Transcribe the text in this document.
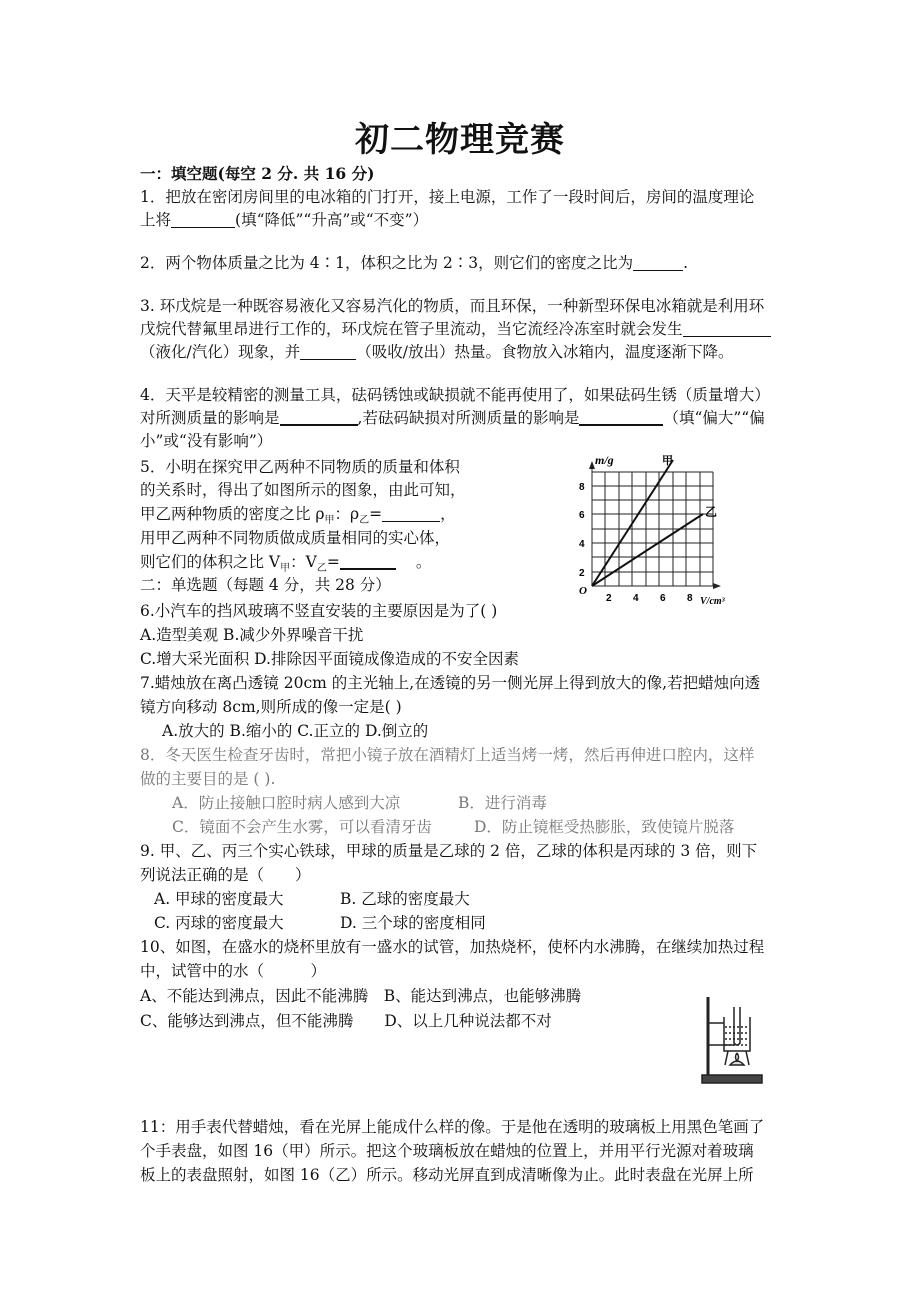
初二物理竞赛
一：填空题(每空 2 分. 共 16 分)
1．把放在密闭房间里的电冰箱的门打开，接上电源，工作了一段时间后，房间的温度理论
上将	(填“降低”“升高”或“不变”）
2．两个物体质量之比为 4∶1，体积之比为 2∶3，则它们的密度之比为	.
3. 环戊烷是一种既容易液化又容易汽化的物质，而且环保，一种新型环保电冰箱就是利用环
戊烷代替氟里昂进行工作的，环戊烷在管子里流动，当它流经冷冻室时就会发生
（液化/汽化）现象，并	（吸收/放出）热量。食物放入冰箱内，温度逐渐下降。
4．天平是较精密的测量工具，砝码锈蚀或缺损就不能再使用了，如果砝码生锈（质量增大）
对所测质量的影响是	,若砝码缺损对所测质量的影响是	（填“偏大”“偏
小”或“没有影响”）
5．小明在探究甲乙两种不同物质的质量和体积
的关系时，得出了如图所示的图象，由此可知，
甲乙两种物质的密度之比 $\rho_甲$：$\rho_乙=$	，
用甲乙两种不同物质做成质量相同的实心体，
则它们的体积之比 $V_甲$：$V_乙=$	。
m/g	甲
乙
8
6
4
2
O
2 4 6 8 V/cm³
二：单选题（每题 4 分，共 28 分）
6.小汽车的挡风玻璃不竖直安装的主要原因是为了( )
A.造型美观 B.减少外界噪音干扰
C.增大采光面积 D.排除因平面镜成像造成的不安全因素
7.蜡烛放在离凸透镜 20cm 的主光轴上,在透镜的另一侧光屏上得到放大的像,若把蜡烛向透
镜方向移动 8cm,则所成的像一定是( )
A.放大的 B.缩小的 C.正立的 D.倒立的
8．冬天医生检查牙齿时，常把小镜子放在酒精灯上适当烤一烤，然后再伸进口腔内，这样
做的主要目的是 ( ).
A．防止接触口腔时病人感到大凉	B．进行消毒
C．镜面不会产生水雾，可以看清牙齿	D．防止镜框受热膨胀，致使镜片脱落
9. 甲、乙、丙三个实心铁球，甲球的质量是乙球的 2 倍，乙球的体积是丙球的 3 倍，则下
列说法正确的是（　　）
A. 甲球的密度最大	B. 乙球的密度最大
C. 丙球的密度最大	D. 三个球的密度相同
10、如图，在盛水的烧杯里放有一盛水的试管，加热烧杯，使杯内水沸腾，在继续加热过程
中，试管中的水（　　　）
A、不能达到沸点，因此不能沸腾　B、能达到沸点，也能够沸腾
C、能够达到沸点，但不能沸腾　　D、以上几种说法都不对
11：用手表代替蜡烛，看在光屏上能成什么样的像。于是他在透明的玻璃板上用黑色笔画了
个手表盘，如图 16（甲）所示。把这个玻璃板放在蜡烛的位置上，并用平行光源对着玻璃
板上的表盘照射，如图 16（乙）所示。移动光屏直到成清晰像为止。此时表盘在光屏上所
